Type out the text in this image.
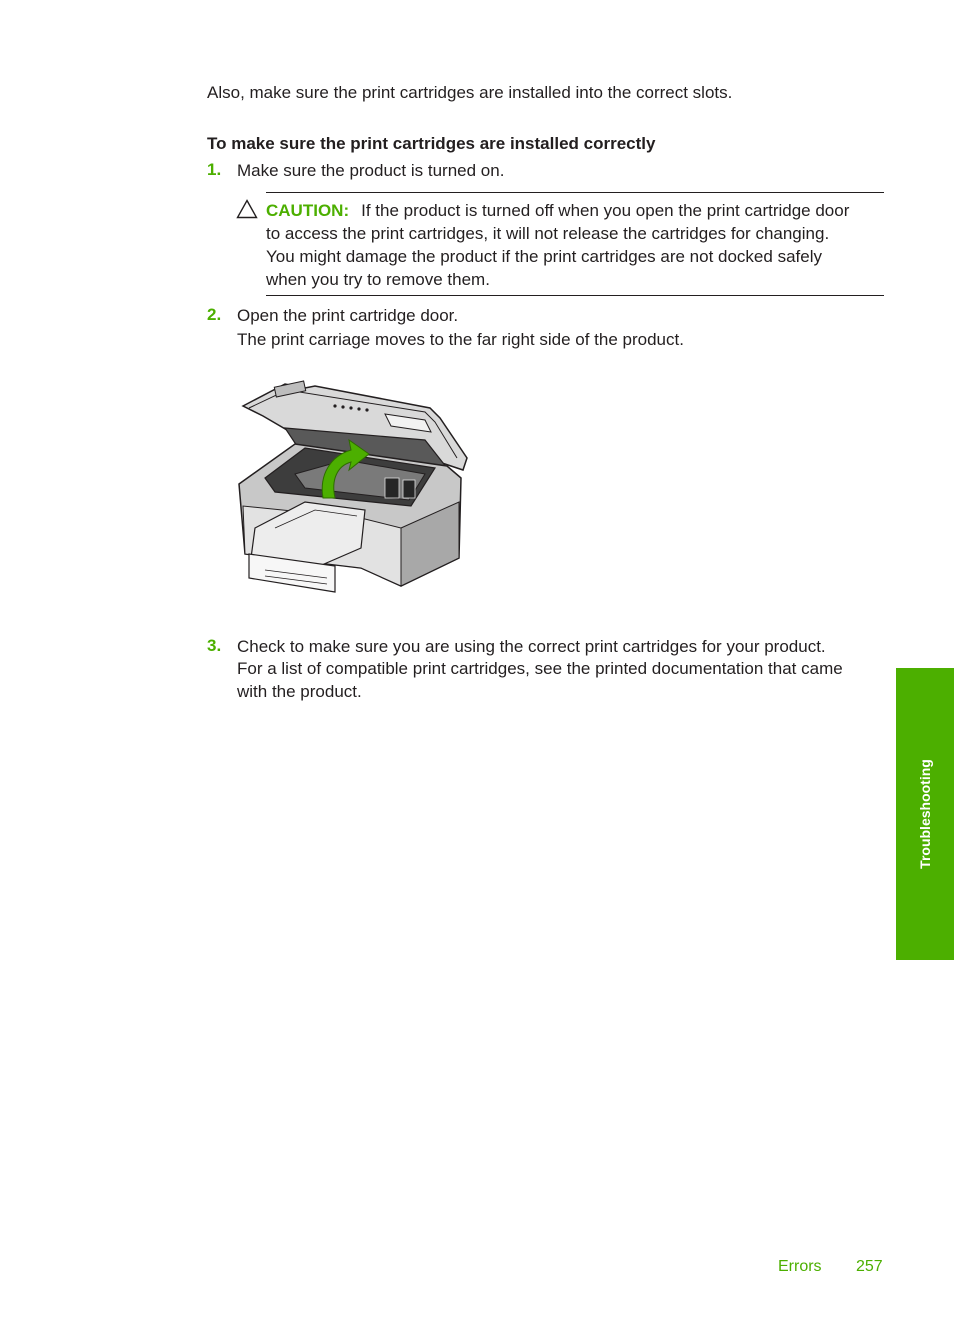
Also, make sure the print cartridges are installed into the correct slots.
To make sure the print cartridges are installed correctly
1. Make sure the product is turned on.
CAUTION: If the product is turned off when you open the print cartridge door
to access the print cartridges, it will not release the cartridges for changing.
You might damage the product if the print cartridges are not docked safely
when you try to remove them.
2. Open the print cartridge door.
The print carriage moves to the far right side of the product.
3. Check to make sure you are using the correct print cartridges for your product.
For a list of compatible print cartridges, see the printed documentation that came
with the product.
Troubleshooting
Errors 257
